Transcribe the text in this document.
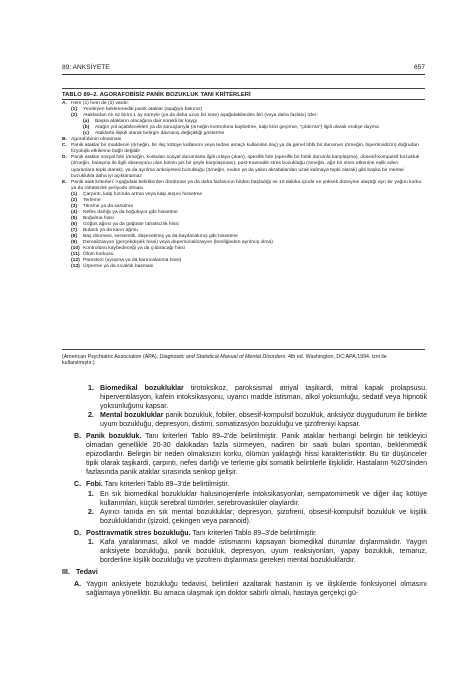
89: ANKSİYETE	657
TABLO 89–2. AGORAFOBİSİZ PANİK BOZUKLUK TANI KRİTERLERİ
A. Hem (1) hem de (2) vardır:
(1) Yineleyen beklenmedik panik ataklar (aşağıya bakınız)
(2) Ataklardan en az birini 1 ay süreyle (ya da daha uzun bir süre) aşağıdakilerden biri (veya daha fazlası) izler:
(a) Başka atakların olacağına dair sürekli bir kaygı
(b) Atağın yol açabilecekleri ya da sonuçlarıyla (örneğin kontrolünü kaybetme, kalp krizi geçirme, “çıldırma”) ilgili olarak endişe duyma
(c) Ataklarla ilişkili olarak belirgin davranış değişikliği gösterme
B. Agorafobinin olmaması
C. Panik ataklar bir maddenin (örneğin, bir ilaç kötüye kullanımı veya tedavi amaçlı kullanılan ilaç) ya da genel tıbbi bir durumun (örneğin, hipertiroidizm) doğrudan fizyolojik etkilerine bağlı değildir
D. Panik ataklar sosyal fobi (örneğin, korkulan sosyal durumlarla ilgili ortaya çıkan), spesifik fobi (spesifik bir fobik durumla karşılaşma), obsesif-kompulsif bozukluk (örneğin, bulaşma ile ilgili obsesyonu olan birinin pis bir şeyle karşılaşması), post-travmatik stres bozukluğu (örneğin, ağır bir stres etkenine eşlik eden uyaranlara tepki olarak), ya da ayrılma anksiyetesi bozukluğu (örneğin, evden ya da yakın akrabalardan uzak kalmaya tepki olarak) gibi başka bir mental bozuklukla daha iyi açıklanamaz
E. Panik atak kriterleri: Aşağıdaki belirtilerden dördünün ya da daha fazlasının birden başladığı ve 10 dakika içinde en yüksek düzeyine ulaştığı ayrı bir yoğun korku ya da rahatsızlık periyodu olması
(1) Çarpıntı, kalp hızında artma veya kalp atışını hissetme
(2) Terleme
(3) Titreme ya da sarsılma
(4) Nefes darlığı ya da boğuluyor gibi hissetme
(5) Boğulma hissi
(6) Göğüs ağrısı ya da göğüste rahatsızlık hissi
(7) Bulantı ya da karın ağrısı
(8) Baş dönmesi, sersemlik, düşecekmiş ya da bayılacakmış gibi hissetme
(9) Derealizasyon (gerçekdışılık hissi) veya depersonalizasyon (benliğinden ayrılmış olma)
(10) Kontrolünü kaybedeceği ya da çıldıracağı hissi
(11) Ölüm korkusu
(12) Parestezi (uyuşma ya da karıncalanma hissi)
(13) Ürperme ya da sıcaklık basması
(American Psychiatric Association (APA). Diagnostic and Statistical Manual of Mental Disorders. 4th ed. Washington, DC:APA;1994. izni ile kullanılmıştır.)
1. Biomedikal bozukluklar tirotoksikoz, paroksismal atriyal taşikardi, mitral kapak prolapsusu, hiperventilasyon, kafein intoksikasyonu, uyarıcı madde istismarı, alkol yoksunluğu, sedatif veya hipnotik yoksunluğunu kapsar.
2. Mental bozukluklar panik bozukluk, fobiler, obsesif-kompulsif bozukluk, anksiyöz duygudurum ile birlikte uyum bozukluğu, depresyon, distimi, somatizasyon bozukluğu ve şizofreniyi kapsar.
B. Panik bozukluk. Tanı kriterleri Tablo 89–2'de belirtilmiştir. Panik ataklar herhangi belirgin bir tetikleyici olmadan genellikle 20-30 dakikadan fazla sürmeyen, nadiren bir saati bulan spontan, beklenmedik epizodlardır. Belirgin bir neden olmaksızın korku, ölümün yaklaştığı hissi karakteristiktir. Bu tür düşünceler tipik olarak taşikardi, çarpıntı, nefes darlığı ve terleme gibi somatik belirtilerle ilişkilidir. Hastaların %20'sinden fazlasında panik ataklar sırasında senkop gelişir.
C. Fobi. Tanı kriterleri Tablo 89–3'de belirtilmiştir.
1. En sık biomedikal bozukluklar halusinojenlerle intoksikasyonlar, sempatomimetik ve diğer ilaç kötüye kullanımları, küçük serebral tümörler, serebrovasküler olaylardır.
2. Ayırıcı tanıda en sık mental bozukluklar; depresyon, şizofreni, obsesif-kompulsif bozukluk ve kişilik bozukluklarıdır (şizoid, çekingen veya paranoid).
D. Posttravmatik stres bozukluğu. Tanı kriterleri Tablo 89–3'de belirtilmiştir.
1. Kafa yaralanması, alkol ve madde istismarını kapsayan biomedikal durumlar dışlanmalıdır. Yaygın anksiyete bozukluğu, panik bozukluk, depresyon, uyum reaksiyonları, yapay bozukluk, temaruz, borderline kişilik bozukluğu ve şizofreni dışlanması gereken mental bozukluklardır.
III. Tedavi
A. Yaygın anksiyete bozukluğu tedavisi, belirtileri azaltarak hastanın iş ve ilişkilerde fonksiyonel olmasını sağlamaya yöneliktir. Bu amaca ulaşmak için doktor sabırlı olmalı, hastaya gerçekçi gü-
